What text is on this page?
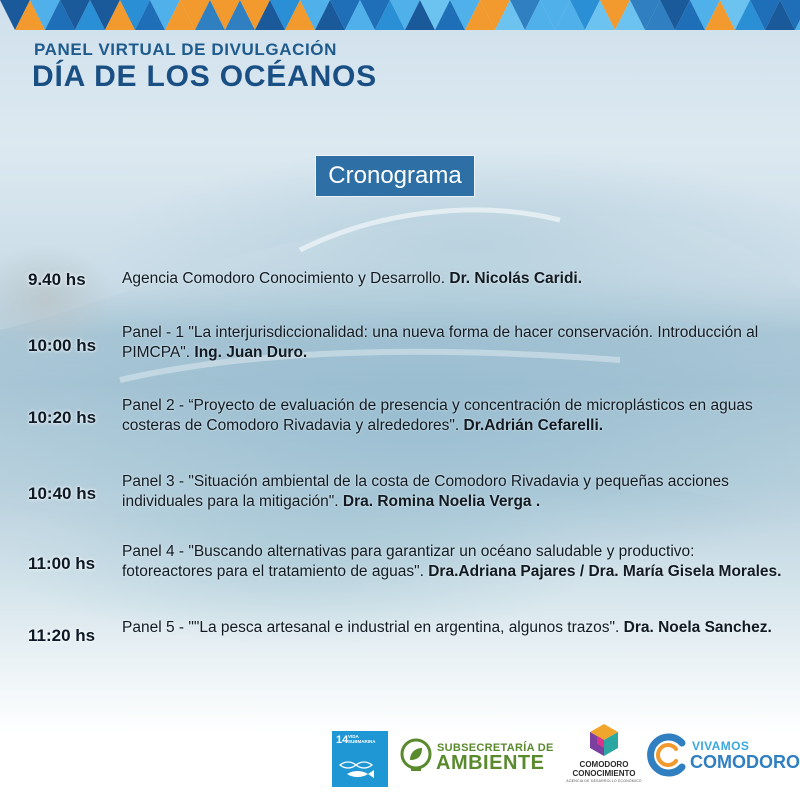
PANEL VIRTUAL DE DIVULGACIÓN
DÍA DE LOS OCÉANOS
Cronograma
9.40 hs Agencia Comodoro Conocimiento y Desarrollo. Dr. Nicolás Caridi.
10:00 hs
Panel - 1 "La interjurisdiccionalidad: una nueva forma de hacer conservación. Introducción al PIMCPA". Ing. Juan Duro.
10:20 hs
Panel 2 - “Proyecto de evaluación de presencia y concentración de microplásticos en aguas costeras de Comodoro Rivadavia y alrededores". Dr.Adrián Cefarelli.
10:40 hs
Panel 3 - "Situación ambiental de la costa de Comodoro Rivadavia y pequeñas acciones individuales para la mitigación". Dra. Romina Noelia Verga .
11:00 hs
Panel 4 - "Buscando alternativas para garantizar un océano saludable y productivo: fotoreactores para el tratamiento de aguas". Dra.Adriana Pajares / Dra. María Gisela Morales.
11:20 hs Panel 5 - ""La pesca artesanal e industrial en argentina, algunos trazos". Dra. Noela Sanchez.
14 VIDA
SUBMARINA
SUBSECRETARÍA DE
AMBIENTE	COMODORO
CONOCIMIENTO
AGENCIA DE DESARROLLO ECONÓMICO
VIVAMOS
COMODORO
